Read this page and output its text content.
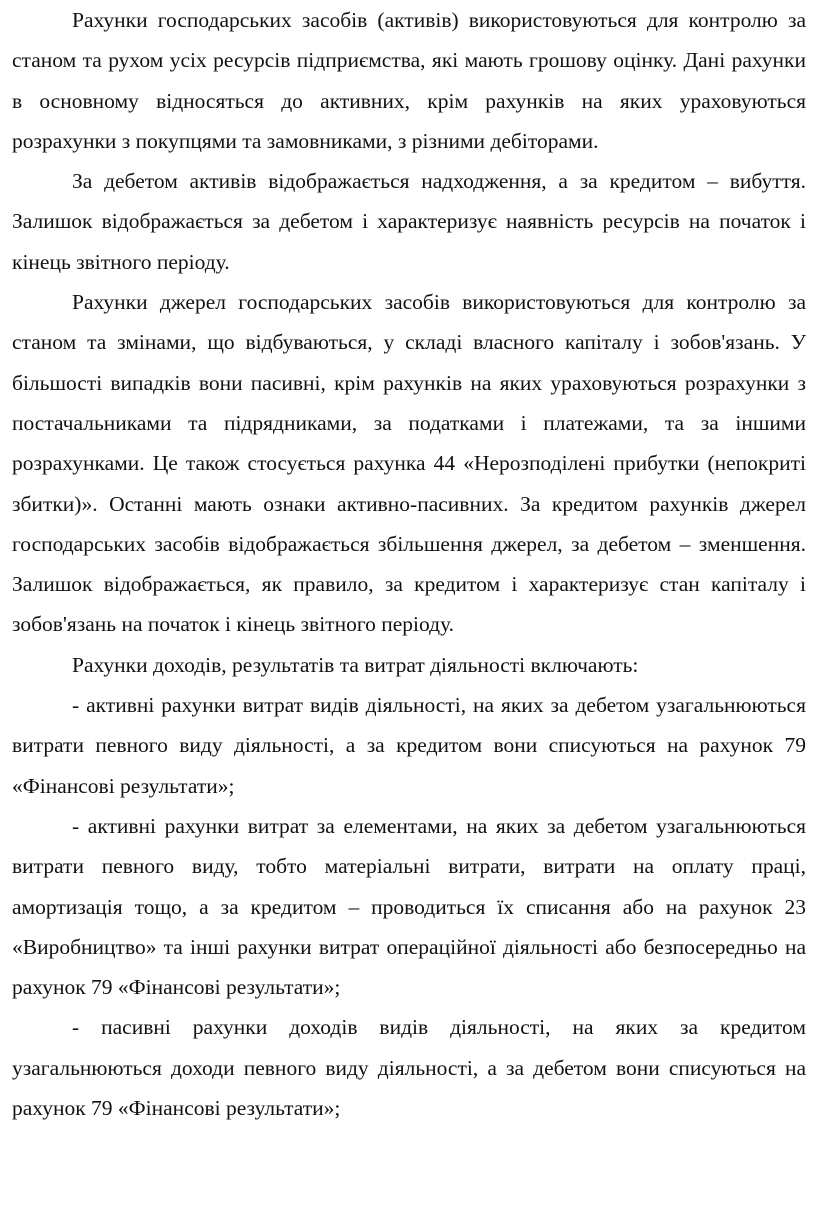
Рахунки господарських засобів (активів) використовуються для контролю за станом та рухом усіх ресурсів підприємства, які мають грошову оцінку. Дані рахунки в основному відносяться до активних, крім рахунків на яких ураховуються розрахунки з покупцями та замовниками, з різними дебіторами.

За дебетом активів відображається надходження, а за кредитом – вибуття. Залишок відображається за дебетом і характеризує наявність ресурсів на початок і кінець звітного періоду.

Рахунки джерел господарських засобів використовуються для контролю за станом та змінами, що відбуваються, у складі власного капіталу і зобов'язань. У більшості випадків вони пасивні, крім рахунків на яких ураховуються розрахунки з постачальниками та підрядниками, за податками і платежами, та за іншими розрахунками. Це також стосується рахунка 44 «Нерозподілені прибутки (непокриті збитки)». Останні мають ознаки активно-пасивних. За кредитом рахунків джерел господарських засобів відображається збільшення джерел, за дебетом – зменшення. Залишок відображається, як правило, за кредитом і характеризує стан капіталу і зобов'язань на початок і кінець звітного періоду.

Рахунки доходів, результатів та витрат діяльності включають:

- активні рахунки витрат видів діяльності, на яких за дебетом узагальнюються витрати певного виду діяльності, а за кредитом вони списуються на рахунок 79 «Фінансові результати»;

- активні рахунки витрат за елементами, на яких за дебетом узагальнюються витрати певного виду, тобто матеріальні витрати, витрати на оплату праці, амортизація тощо, а за кредитом – проводиться їх списання або на рахунок 23 «Виробництво» та інші рахунки витрат операційної діяльності або безпосередньо на рахунок 79 «Фінансові результати»;

- пасивні рахунки доходів видів діяльності, на яких за кредитом узагальнюються доходи певного виду діяльності, а за дебетом вони списуються на рахунок 79 «Фінансові результати»;
